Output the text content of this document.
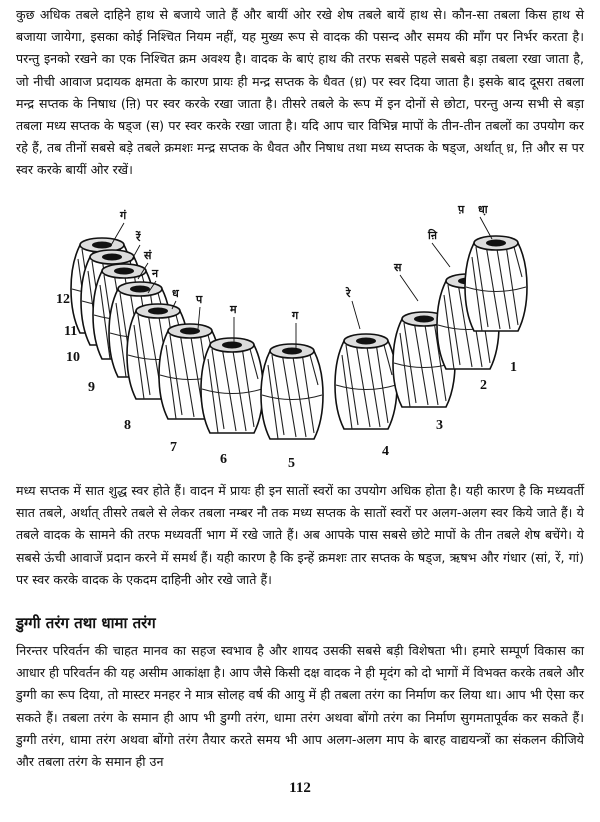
कुछ अधिक तबले दाहिने हाथ से बजाये जाते हैं और बायीं ओर रखे शेष तबले बायें हाथ से। कौन-सा तबला किस हाथ से बजाया जायेगा, इसका कोई निश्चित नियम नहीं, यह मुख्य रूप से वादक की पसन्द और समय की माँग पर निर्भर करता है। परन्तु इनको रखने का एक निश्चित क्रम अवश्य है। वादक के बाएं हाथ की तरफ सबसे पहले सबसे बड़ा तबला रखा जाता है, जो नीची आवाज प्रदायक क्षमता के कारण प्रायः ही मन्द्र सप्तक के धैवत (ध़) पर स्वर दिया जाता है। इसके बाद दूसरा तबला मन्द्र सप्तक के निषाध (ऩि) पर स्वर करके रखा जाता है। तीसरे तबले के रूप में इन दोनों से छोटा, परन्तु अन्य सभी से बड़ा तबला मध्य सप्तक के षड्ज (स) पर स्वर करके रखा जाता है। यदि आप चार विभिन्न मापों के तीन-तीन तबलों का उपयोग कर रहे हैं, तब तीनों सबसे बड़े तबले क्रमशः मन्द्र सप्तक के धैवत और निषाध तथा मध्य सप्तक के षड्ज, अर्थात् ध़, ऩि और स पर स्वर करके बायीं ओर रखें।

प़ धा़
ऩि
स
रे
ग
म
प
ध
न
सं
रें
गं
1
2
3
4
5
6
7
8
9
10
11
12

मध्य सप्तक में सात शुद्ध स्वर होते हैं। वादन में प्रायः ही इन सातों स्वरों का उपयोग अधिक होता है। यही कारण है कि मध्यवर्ती सात तबले, अर्थात् तीसरे तबले से लेकर तबला नम्बर नौ तक मध्य सप्तक के सातों स्वरों पर अलग-अलग स्वर किये जाते हैं। ये तबले वादक के सामने की तरफ मध्यवर्ती भाग में रखे जाते हैं। अब आपके पास सबसे छोटे मापों के तीन तबले शेष बचेंगे। ये सबसे ऊंची आवाजें प्रदान करने में समर्थ हैं। यही कारण है कि इन्हें क्रमशः तार सप्तक के षड्ज, ऋषभ और गंधार (सां, रें, गां) पर स्वर करके वादक के एकदम दाहिनी ओर रखे जाते हैं।

डुग्गी तरंग तथा धामा तरंग

निरन्तर परिवर्तन की चाहत मानव का सहज स्वभाव है और शायद उसकी सबसे बड़ी विशेषता भी। हमारे सम्पूर्ण विकास का आधार ही परिवर्तन की यह असीम आकांक्षा है। आप जैसे किसी दक्ष वादक ने ही मृदंग को दो भागों में विभक्त करके तबले और डुग्गी का रूप दिया, तो मास्टर मनहर ने मात्र सोलह वर्ष की आयु में ही तबला तरंग का निर्माण कर लिया था। आप भी ऐसा कर सकते हैं। तबला तरंग के समान ही आप भी डुग्गी तरंग, धामा तरंग अथवा बोंगो तरंग का निर्माण सुगमतापूर्वक कर सकते हैं। डुग्गी तरंग, धामा तरंग अथवा बोंगो तरंग तैयार करते समय भी आप अलग-अलग माप के बारह वाद्ययन्त्रों का संकलन कीजिये और तबला तरंग के समान ही उन

112
